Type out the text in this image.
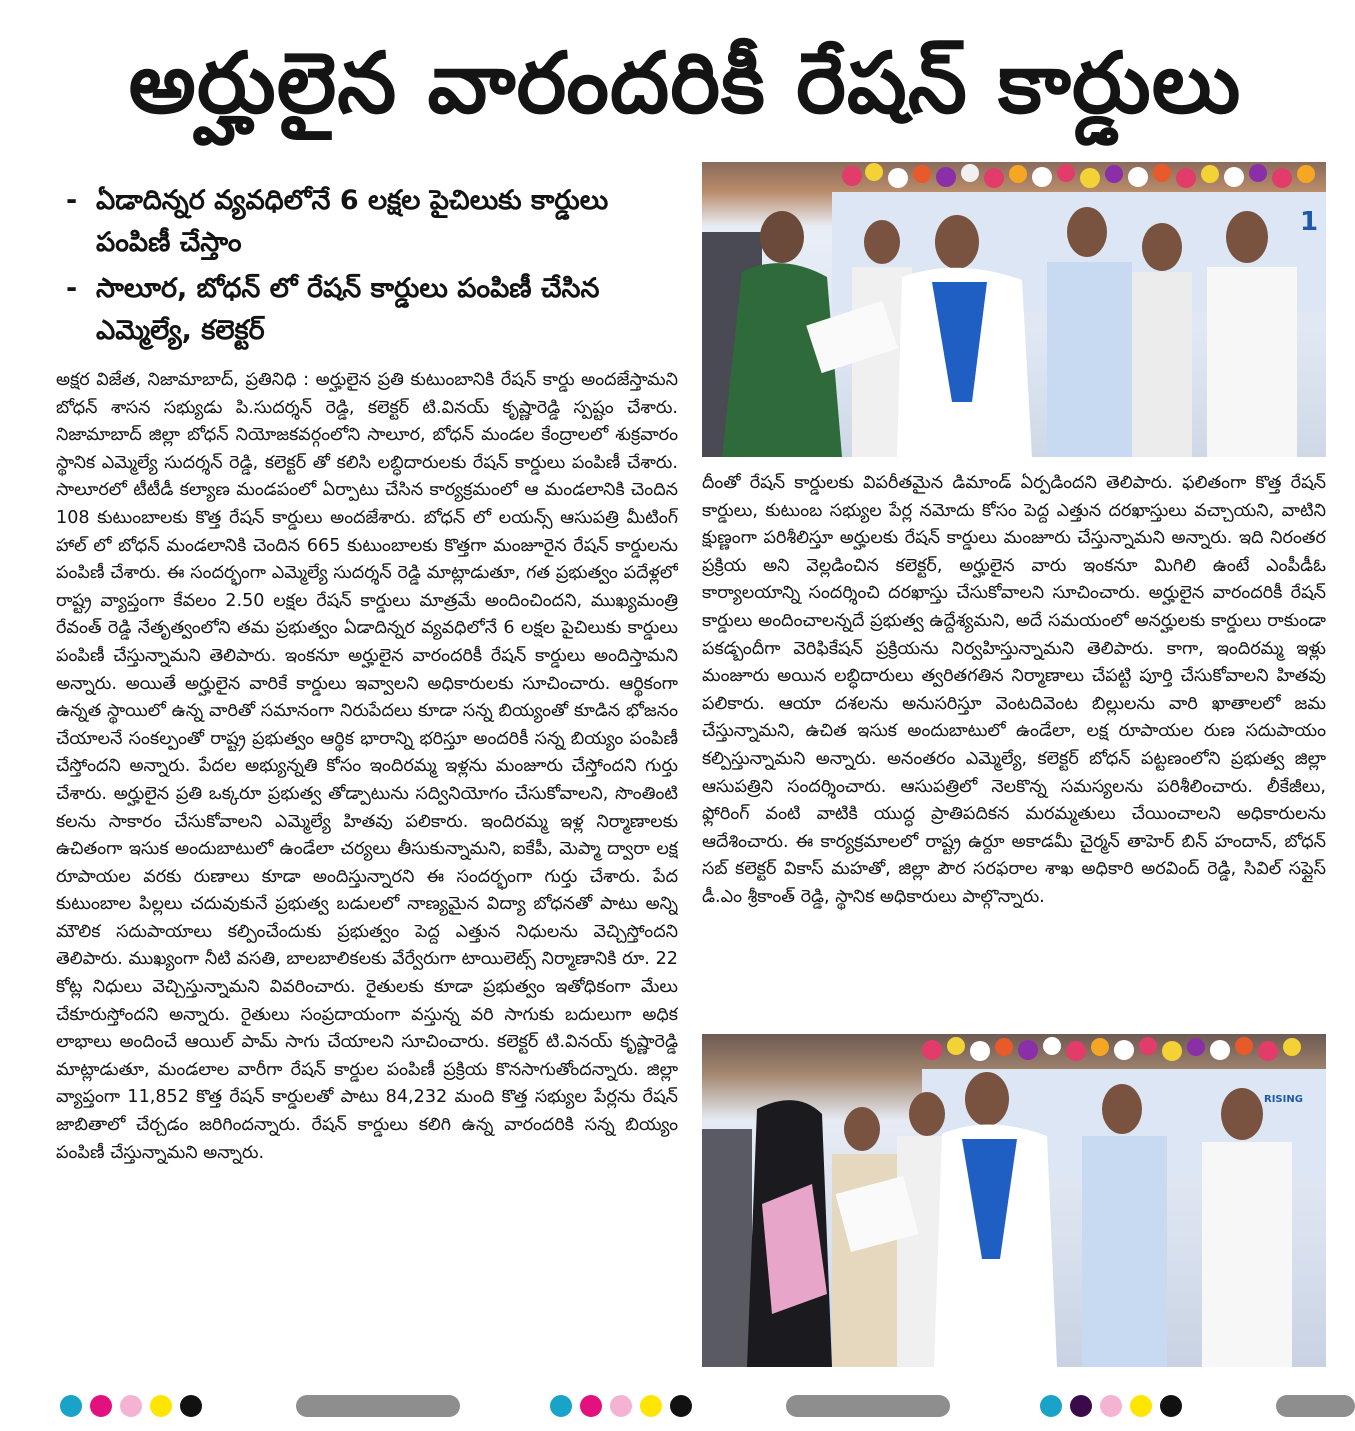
అర్హులైన వారందరికీ రేషన్ కార్డులు
- ఏడాదిన్నర వ్యవధిలోనే 6 లక్షల పైచిలుకు కార్డులు పంపిణీ చేస్తాం
- సాలూర, బోధన్ లో రేషన్ కార్డులు పంపిణీ చేసిన ఎమ్మెల్యే, కలెక్టర్
అక్షర విజేత, నిజామాబాద్, ప్రతినిధి : అర్హులైన ప్రతి కుటుంబానికి రేషన్ కార్డు అందజేస్తామని బోధన్ శాసన సభ్యుడు పి.సుదర్శన్ రెడ్డి, కలెక్టర్ టి.వినయ్ కృష్ణారెడ్డి స్పష్టం చేశారు. నిజామాబాద్ జిల్లా బోధన్ నియోజకవర్గంలోని సాలూర, బోధన్ మండల కేంద్రాలలో శుక్రవారం స్థానిక ఎమ్మెల్యే సుదర్శన్ రెడ్డి, కలెక్టర్ తో కలిసి లబ్ధిదారులకు రేషన్ కార్డులు పంపిణీ చేశారు. సాలూరలో టీటీడీ కల్యాణ మండపంలో ఏర్పాటు చేసిన కార్యక్రమంలో ఆ మండలానికి చెందిన 108 కుటుంబాలకు కొత్త రేషన్ కార్డులు అందజేశారు. బోధన్ లో లయన్స్ ఆసుపత్రి మీటింగ్ హాల్ లో బోధన్ మండలానికి చెందిన 665 కుటుంబాలకు కొత్తగా మంజూరైన రేషన్ కార్డులను పంపిణీ చేశారు. ఈ సందర్భంగా ఎమ్మెల్యే సుదర్శన్ రెడ్డి మాట్లాడుతూ, గత ప్రభుత్వం పదేళ్లలో రాష్ట్ర వ్యాప్తంగా కేవలం 2.50 లక్షల రేషన్ కార్డులు మాత్రమే అందించిందని, ముఖ్యమంత్రి రేవంత్ రెడ్డి నేతృత్వంలోని తమ ప్రభుత్వం ఏడాదిన్నర వ్యవధిలోనే 6 లక్షల పైచిలుకు కార్డులు పంపిణీ చేస్తున్నామని తెలిపారు. ఇంకనూ అర్హులైన వారందరికీ రేషన్ కార్డులు అందిస్తామని అన్నారు. అయితే అర్హులైన వారికే కార్డులు ఇవ్వాలని అధికారులకు సూచించారు. ఆర్థికంగా ఉన్నత స్థాయిలో ఉన్న వారితో సమానంగా నిరుపేదలు కూడా సన్న బియ్యంతో కూడిన భోజనం చేయాలనే సంకల్పంతో రాష్ట్ర ప్రభుత్వం ఆర్థిక భారాన్ని భరిస్తూ అందరికీ సన్న బియ్యం పంపిణీ చేస్తోందని అన్నారు. పేదల అభ్యున్నతి కోసం ఇందిరమ్మ ఇళ్లను మంజూరు చేస్తోందని గుర్తు చేశారు. అర్హులైన ప్రతి ఒక్కరూ ప్రభుత్వ తోడ్పాటును సద్వినియోగం చేసుకోవాలని, సొంతింటి కలను సాకారం చేసుకోవాలని ఎమ్మెల్యే హితవు పలికారు. ఇందిరమ్మ ఇళ్ల నిర్మాణాలకు ఉచితంగా ఇసుక అందుబాటులో ఉండేలా చర్యలు తీసుకున్నామని, ఐకేపీ, మెప్మా ద్వారా లక్ష రూపాయల వరకు రుణాలు కూడా అందిస్తున్నారని ఈ సందర్భంగా గుర్తు చేశారు. పేద కుటుంబాల పిల్లలు చదువుకునే ప్రభుత్వ బడులలో నాణ్యమైన విద్యా బోధనతో పాటు అన్ని మౌలిక సదుపాయాలు కల్పించేందుకు ప్రభుత్వం పెద్ద ఎత్తున నిధులను వెచ్చిస్తోందని తెలిపారు. ముఖ్యంగా నీటి వసతి, బాలబాలికలకు వేర్వేరుగా టాయిలెట్స్ నిర్మాణానికి రూ. 22 కోట్ల నిధులు వెచ్చిస్తున్నామని వివరించారు. రైతులకు కూడా ప్రభుత్వం ఇతోధికంగా మేలు చేకూరుస్తోందని అన్నారు. రైతులు సంప్రదాయంగా వస్తున్న వరి సాగుకు బదులుగా అధిక లాభాలు అందించే ఆయిల్ పామ్ సాగు చేయాలని సూచించారు. కలెక్టర్ టి.వినయ్ కృష్ణారెడ్డి మాట్లాడుతూ, మండలాల వారీగా రేషన్ కార్డుల పంపిణీ ప్రక్రియ కొనసాగుతోందన్నారు. జిల్లా వ్యాప్తంగా 11,852 కొత్త రేషన్ కార్డులతో పాటు 84,232 మంది కొత్త సభ్యుల పేర్లను రేషన్ జాబితాలో చేర్చడం జరిగిందన్నారు. రేషన్ కార్డులు కలిగి ఉన్న వారందరికి సన్న బియ్యం పంపిణీ చేస్తున్నామని అన్నారు.
1
దీంతో రేషన్ కార్డులకు విపరీతమైన డిమాండ్ ఏర్పడిందని తెలిపారు. ఫలితంగా కొత్త రేషన్ కార్డులు, కుటుంబ సభ్యుల పేర్ల నమోదు కోసం పెద్ద ఎత్తున దరఖాస్తులు వచ్చాయని, వాటిని క్షుణ్ణంగా పరిశీలిస్తూ అర్హులకు రేషన్ కార్డులు మంజూరు చేస్తున్నామని అన్నారు. ఇది నిరంతర ప్రక్రియ అని వెల్లడించిన కలెక్టర్, అర్హులైన వారు ఇంకనూ మిగిలి ఉంటే ఎంపీడీఓ కార్యాలయాన్ని సందర్శించి దరఖాస్తు చేసుకోవాలని సూచించారు. అర్హులైన వారందరికీ రేషన్ కార్డులు అందించాలన్నదే ప్రభుత్వ ఉద్దేశ్యమని, అదే సమయంలో అనర్హులకు కార్డులు రాకుండా పకడ్బందీగా వెరిఫికేషన్ ప్రక్రియను నిర్వహిస్తున్నామని తెలిపారు. కాగా, ఇందిరమ్మ ఇళ్లు మంజూరు అయిన లబ్ధిదారులు త్వరితగతిన నిర్మాణాలు చేపట్టి పూర్తి చేసుకోవాలని హితవు పలికారు. ఆయా దశలను అనుసరిస్తూ వెంటదివెంట బిల్లులను వారి ఖాతాలలో జమ చేస్తున్నామని, ఉచిత ఇసుక అందుబాటులో ఉండేలా, లక్ష రూపాయల రుణ సదుపాయం కల్పిస్తున్నామని అన్నారు. అనంతరం ఎమ్మెల్యే, కలెక్టర్ బోధన్ పట్టణంలోని ప్రభుత్వ జిల్లా ఆసుపత్రిని సందర్శించారు. ఆసుపత్రిలో నెలకొన్న సమస్యలను పరిశీలించారు. లీకేజీలు, ఫ్లోరింగ్ వంటి వాటికి యుద్ధ ప్రాతిపదికన మరమ్మతులు చేయించాలని అధికారులను ఆదేశించారు. ఈ కార్యక్రమాలలో రాష్ట్ర ఉర్దూ అకాడమీ చైర్మన్ తాహెర్ బిన్ హందాన్, బోధన్ సబ్ కలెక్టర్ వికాస్ మహతో, జిల్లా పౌర సరఫరాల శాఖ అధికారి అరవింద్ రెడ్డి, సివిల్ సప్లైస్ డీ.ఎం శ్రీకాంత్ రెడ్డి, స్థానిక అధికారులు పాల్గొన్నారు.
RISING
